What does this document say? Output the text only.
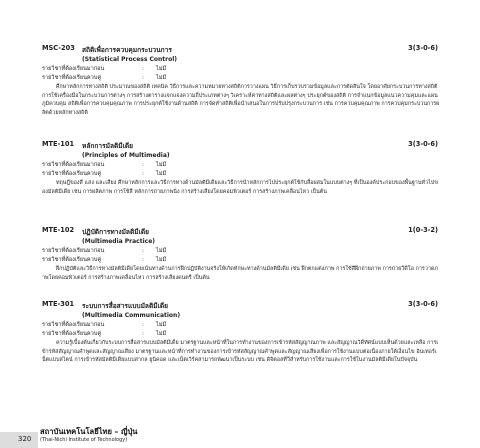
MSC-203 สถิติเพื่อการควบคุมกระบวนการ	3(3-0-6)
(Statistical Process Control)
รายวิชาที่ต้องเรียนมาก่อน	: ไม่มี
รายวิชาที่ต้องเรียนควบคู่	: ไม่มี

ศึกษาหลักการทางสถิติ ประมาณของสถิติ เทคนิค วิธีการและความหมายทางสถิติการวางแผน วิธีการเก็บรวบรวมข้อมูลและการตัดสินใจ โดยอาศัยกระบวนการทางสถิติการใช้เครื่องมือในกระบวนการต่างๆ การสร้างตารางแจกแจงความถี่ประเภทต่างๆ วิเคราะห์ค่าทางสถิติและผลต่างๆ ประยุกต์ของสถิติ การจำแนกข้อมูลแนวความคุมและแผนภูมิควบคุม สถิติเพื่อการควบคุมคุณภาพ การประยุกต์ใช้งานด้านสถิติ การจัดทำสถิติเพื่อนำเสนอในการปรับปรุงกระบวนการ เช่น การควบคุมคุณภาพ การควบคุมกระบวนการผลิตด้วยหลักทางสถิติ

MTE-101 หลักการมัลติมีเดีย	3(3-0-6)
(Principles of Multimedia)
รายวิชาที่ต้องเรียนมาก่อน	: ไม่มี
รายวิชาที่ต้องเรียนควบคู่	: ไม่มี

ทฤษฎีของสี แสง และเสียง ศึกษาหลักการและวิธีการทางด้านมัลติมีเดียและวิธีการนำหลักการไปประยุกต์ใช้กับสื่อผสมในแบบต่างๆ ที่เป็นองค์ประกอบของพื้นฐานทั่วไปของมัลติมีเดีย เช่น การผลิตภาพ การใช้สี หลักการถ่ายภาพนิ่ง การสร้างเสียงโดยคอมพิวเตอร์ การสร้างภาพเคลื่อนไหว เป็นต้น

MTE-102 ปฏิบัติการทางมัลติมีเดีย	1(0-3-2)
(Multimedia Practice)
รายวิชาที่ต้องเรียนมาก่อน	: ไม่มี
รายวิชาที่ต้องเรียนควบคู่	: ไม่มี

ฝึกปฏิบัติและวิธีการทางมัลติมีเดียโดยเน้นทางด้านการฝึกปฏิบัติงานจริงให้เกิดทักษะทางด้านมัลติมีเดีย เช่น ฝึกตกแต่งภาพ การใช้สีฝึกถ่ายภาพ การถ่ายวีดีโอ การวาดภาพโดยคอมพิวเตอร์ การสร้างภาพเคลื่อนไหว การสร้างเสียงดนตรี เป็นต้น

MTE-301 ระบบการสื่อสารแบบมัลติมีเดีย	3(3-0-6)
(Multimedia Communication)
รายวิชาที่ต้องเรียนมาก่อน	: ไม่มี
รายวิชาที่ต้องเรียนควบคู่	: ไม่มี

ความรู้เบื้องต้นเกี่ยวกับระบบการสื่อสารแบบมัลติมีเดีย มาตรฐานและหน้าที่ในการทำงานของการเข้ารหัสสัญญาณภาพ และสัญญาณวิดีทัศน์แบบเห็นด้วยและเหลือ การเข้ารหัสสัญญาณคำพูดและสัญญาณเสียง มาตรฐานและหน้าที่การทำงานของการเข้ารหัสสัญญาณคำพูดและสัญญาณเสียงเพื่อการใช้งานแบบต่อเนื่องภายใต้เงื่อนไข อินเทอร์เน็ตแบบสไตน์ การเข้ารหัสมัลติมีเดียแบบสากล ยูนิคอด และเน็ตเวิร์คสามารถพัฒนาเป็นระบบ เช่น ดิจิตอลทีวีสำหรับการใช้งานและการใช้ในงานมัลติมีเดียในปัจจุบัน

320
สถาบันเทคโนโลยีไทย – ญี่ปุ่น
(Thai-Nichi Institute of Technology)
